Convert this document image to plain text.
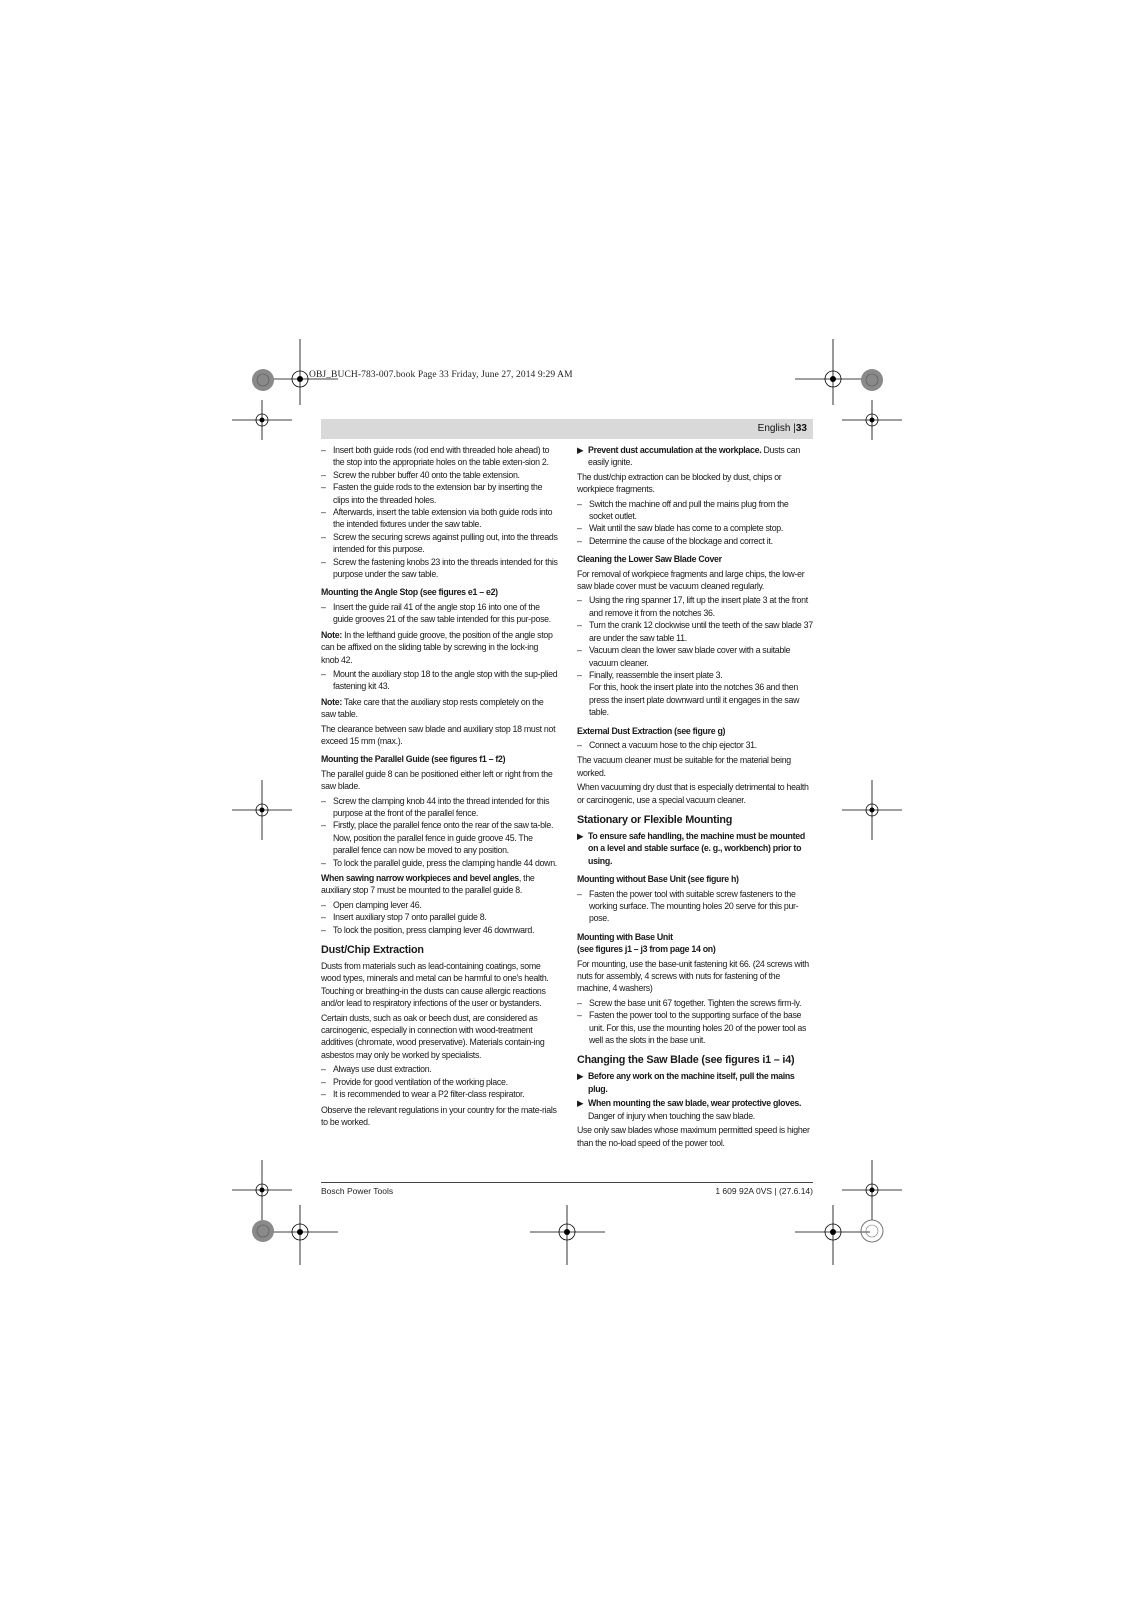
OBJ_BUCH-783-007.book Page 33 Friday, June 27, 2014 9:29 AM
English |33
– Insert both guide rods (rod end with threaded hole ahead) to the stop into the appropriate holes on the table exten-sion 2.
– Screw the rubber buffer 40 onto the table extension.
– Fasten the guide rods to the extension bar by inserting the clips into the threaded holes.
– Afterwards, insert the table extension via both guide rods into the intended fixtures under the saw table.
– Screw the securing screws against pulling out, into the threads intended for this purpose.
– Screw the fastening knobs 23 into the threads intended for this purpose under the saw table.
Mounting the Angle Stop (see figures e1 – e2)
– Insert the guide rail 41 of the angle stop 16 into one of the guide grooves 21 of the saw table intended for this pur-pose.

Note: In the lefthand guide groove, the position of the angle stop can be affixed on the sliding table by screwing in the lock-ing knob 42.

– Mount the auxiliary stop 18 to the angle stop with the sup-plied fastening kit 43.

Note: Take care that the auxiliary stop rests completely on the saw table.

The clearance between saw blade and auxiliary stop 18 must not exceed 15 mm (max.).

Mounting the Parallel Guide (see figures f1 – f2)

The parallel guide 8 can be positioned either left or right from the saw blade.

– Screw the clamping knob 44 into the thread intended for this purpose at the front of the parallel fence.
– Firstly, place the parallel fence onto the rear of the saw ta-ble. Now, position the parallel fence in guide groove 45. The parallel fence can now be moved to any position.
– To lock the parallel guide, press the clamping handle 44 down.

When sawing narrow workpieces and bevel angles, the auxiliary stop 7 must be mounted to the parallel guide 8.

– Open clamping lever 46.
– Insert auxiliary stop 7 onto parallel guide 8.
– To lock the position, press clamping lever 46 downward.
Dust/Chip Extraction

Dusts from materials such as lead-containing coatings, some wood types, minerals and metal can be harmful to one's health. Touching or breathing-in the dusts can cause allergic reactions and/or lead to respiratory infections of the user or bystanders.

Certain dusts, such as oak or beech dust, are considered as carcinogenic, especially in connection with wood-treatment additives (chromate, wood preservative). Materials contain-ing asbestos may only be worked by specialists.

– Always use dust extraction.
– Provide for good ventilation of the working place.
– It is recommended to wear a P2 filter-class respirator.

Observe the relevant regulations in your country for the mate-rials to be worked.

▶ Prevent dust accumulation at the workplace. Dusts can easily ignite.

The dust/chip extraction can be blocked by dust, chips or workpiece fragments.

– Switch the machine off and pull the mains plug from the socket outlet.
– Wait until the saw blade has come to a complete stop.
– Determine the cause of the blockage and correct it.
Cleaning the Lower Saw Blade Cover

For removal of workpiece fragments and large chips, the low-er saw blade cover must be vacuum cleaned regularly.

– Using the ring spanner 17, lift up the insert plate 3 at the front and remove it from the notches 36.
– Turn the crank 12 clockwise until the teeth of the saw blade 37 are under the saw table 11.
– Vacuum clean the lower saw blade cover with a suitable vacuum cleaner.
– Finally, reassemble the insert plate 3.
For this, hook the insert plate into the notches 36 and then press the insert plate downward until it engages in the saw table.
External Dust Extraction (see figure g)
– Connect a vacuum hose to the chip ejector 31.

The vacuum cleaner must be suitable for the material being worked.

When vacuuming dry dust that is especially detrimental to health or carcinogenic, use a special vacuum cleaner.

Stationary or Flexible Mounting

▶ To ensure safe handling, the machine must be mounted on a level and stable surface (e. g., workbench) prior to using.

Mounting without Base Unit (see figure h)
– Fasten the power tool with suitable screw fasteners to the working surface. The mounting holes 20 serve for this pur-pose.
Mounting with Base Unit
(see figures j1 – j3 from page 14 on)

For mounting, use the base-unit fastening kit 66. (24 screws with nuts for assembly, 4 screws with nuts for fastening of the machine, 4 washers)

– Screw the base unit 67 together. Tighten the screws firm-ly.
– Fasten the power tool to the supporting surface of the base unit. For this, use the mounting holes 20 of the power tool as well as the slots in the base unit.
Changing the Saw Blade (see figures i1 – i4)

▶ Before any work on the machine itself, pull the mains plug.

▶ When mounting the saw blade, wear protective gloves.
Danger of injury when touching the saw blade.

Use only saw blades whose maximum permitted speed is higher than the no-load speed of the power tool.

Bosch Power Tools	1 609 92A 0VS | (27.6.14)
